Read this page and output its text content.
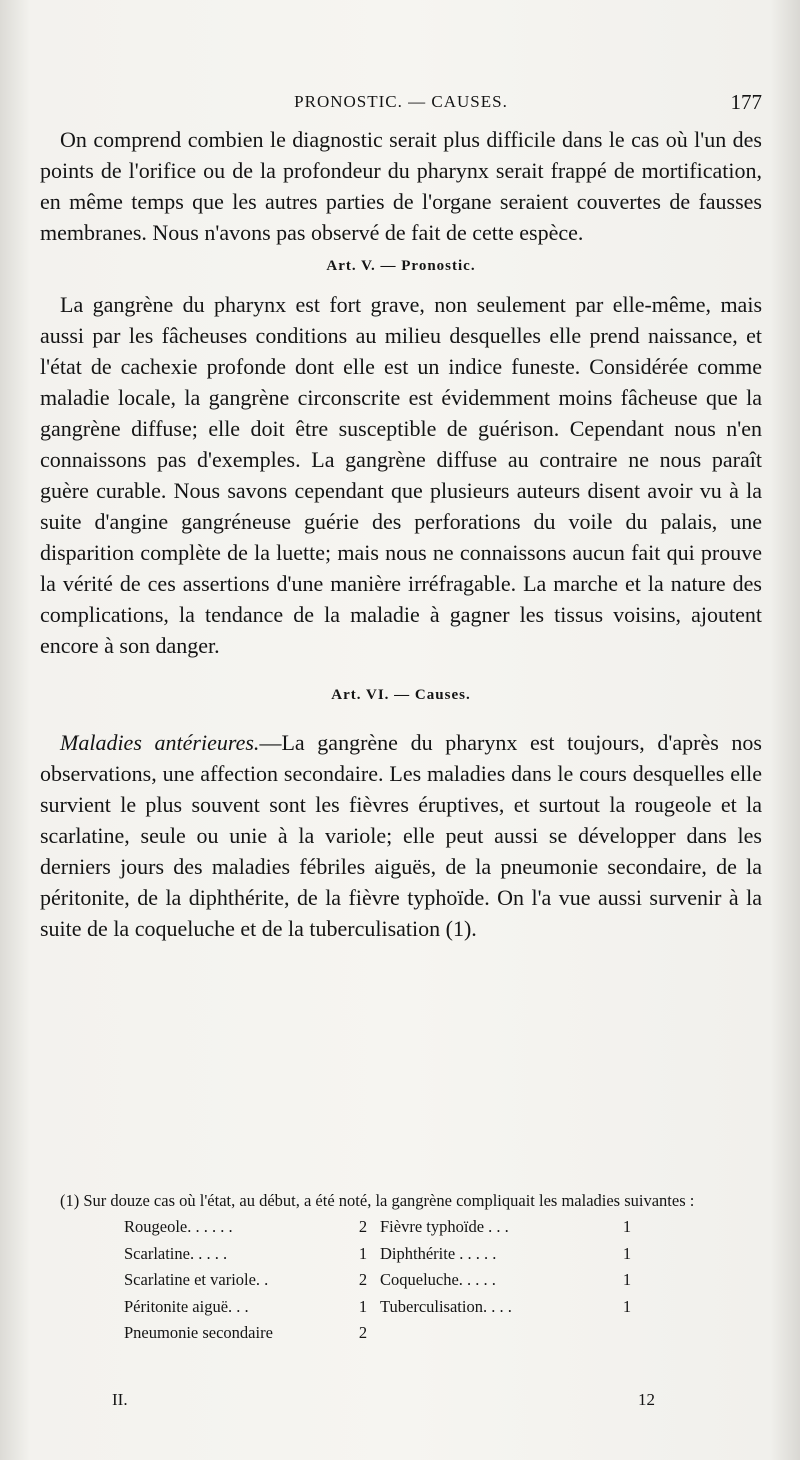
PRONOSTIC. — CAUSES.	177

On comprend combien le diagnostic serait plus difficile dans le cas où l'un des points de l'orifice ou de la profondeur du pharynx serait frappé de mortification, en même temps que les autres parties de l'organe seraient couvertes de fausses membranes. Nous n'avons pas observé de fait de cette espèce.

Art. V. — Pronostic.

La gangrène du pharynx est fort grave, non seulement par elle-même, mais aussi par les fâcheuses conditions au milieu desquelles elle prend naissance, et l'état de cachexie profonde dont elle est un indice funeste. Considérée comme maladie locale, la gangrène circonscrite est évidemment moins fâcheuse que la gangrène diffuse; elle doit être susceptible de guérison. Cependant nous n'en connaissons pas d'exemples. La gangrène diffuse au contraire ne nous paraît guère curable. Nous savons cependant que plusieurs auteurs disent avoir vu à la suite d'angine gangréneuse guérie des perforations du voile du palais, une disparition complète de la luette; mais nous ne connaissons aucun fait qui prouve la vérité de ces assertions d'une manière irréfragable. La marche et la nature des complications, la tendance de la maladie à gagner les tissus voisins, ajoutent encore à son danger.

Art. VI. — Causes.

Maladies antérieures.—La gangrène du pharynx est toujours, d'après nos observations, une affection secondaire. Les maladies dans le cours desquelles elle survient le plus souvent sont les fièvres éruptives, et surtout la rougeole et la scarlatine, seule ou unie à la variole; elle peut aussi se développer dans les derniers jours des maladies fébriles aiguës, de la pneumonie secondaire, de la péritonite, de la diphthérite, de la fièvre typhoïde. On l'a vue aussi survenir à la suite de la coqueluche et de la tuberculisation (1).

(1) Sur douze cas où l'état, au début, a été noté, la gangrène compliquait les maladies suivantes :

Rougeole. . . . . .	2	Fièvre typhoïde . . .	1
Scarlatine. . . . .	1	Diphthérite . . . . .	1
Scarlatine et variole. .	2	Coqueluche. . . . .	1
Péritonite aiguë. . .	1	Tuberculisation. . . .	1
Pneumonie secondaire	2		
II.	12
